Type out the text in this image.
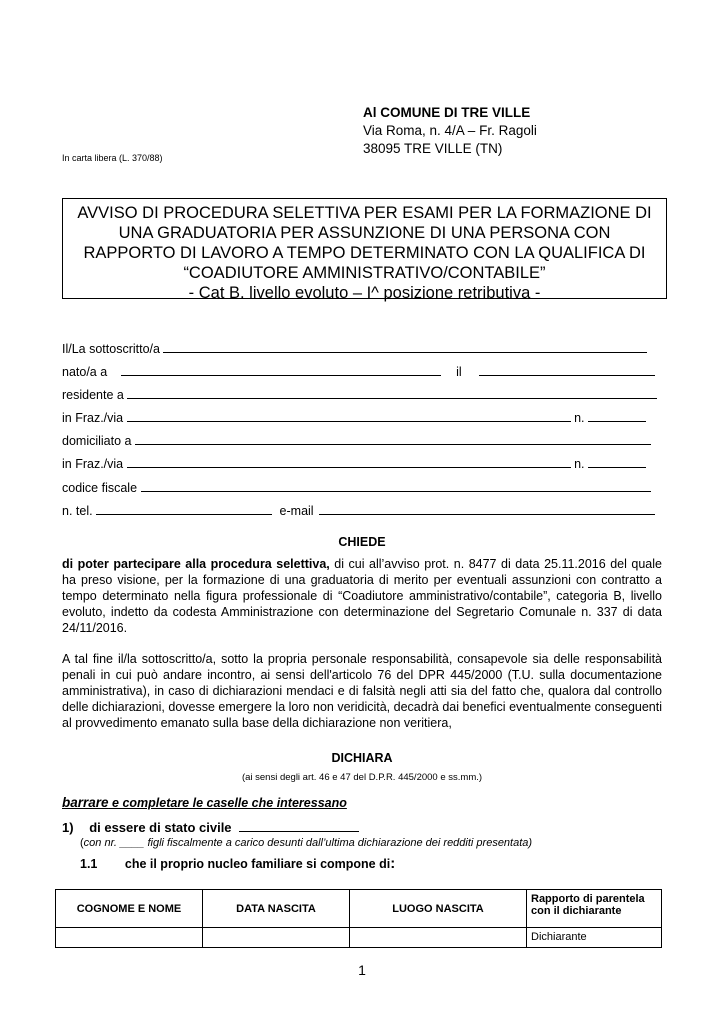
Al COMUNE DI TRE VILLE
Via Roma, n. 4/A – Fr. Ragoli
38095 TRE VILLE (TN)
In carta libera (L. 370/88)
AVVISO DI PROCEDURA SELETTIVA PER ESAMI PER LA FORMAZIONE DI
UNA GRADUATORIA PER ASSUNZIONE DI UNA PERSONA CON
RAPPORTO DI LAVORO A TEMPO DETERMINATO CON LA QUALIFICA DI
“COADIUTORE AMMINISTRATIVO/CONTABILE”
- Cat B. livello evoluto – I^ posizione retributiva -
Il/La sottoscritto/a
nato/a a	il
residente a
in Fraz./via	n.
domiciliato a
in Fraz./via	n.
codice fiscale
n. tel.	e-mail
CHIEDE
di poter partecipare alla procedura selettiva, di cui all’avviso prot. n. 8477 di data 25.11.2016 del quale ha preso visione, per la formazione di una graduatoria di merito per eventuali assunzioni con contratto a tempo determinato nella figura professionale di “Coadiutore amministrativo/contabile”, categoria B, livello evoluto, indetto da codesta Amministrazione con determinazione del Segretario Comunale n. 337 di data 24/11/2016.
A tal fine il/la sottoscritto/a, sotto la propria personale responsabilità, consapevole sia delle responsabilità penali in cui può andare incontro, ai sensi dell'articolo 76 del DPR 445/2000 (T.U. sulla documentazione amministrativa), in caso di dichiarazioni mendaci e di falsità negli atti sia del fatto che, qualora dal controllo delle dichiarazioni, dovesse emergere la loro non veridicità, decadrà dai benefici eventualmente conseguenti al provvedimento emanato sulla base della dichiarazione non veritiera,
DICHIARA
(ai sensi degli art. 46 e 47 del D.P.R. 445/2000 e ss.mm.)
barrare e completare le caselle che interessano
1) di essere di stato civile
(con nr. ____ figli fiscalmente a carico desunti dall’ultima dichiarazione dei redditi presentata)
1.1 che il proprio nucleo familiare si compone di:
COGNOME E NOME	DATA NASCITA	LUOGO NASCITA	Rapporto di parentela con il dichiarante
			Dichiarante
1
